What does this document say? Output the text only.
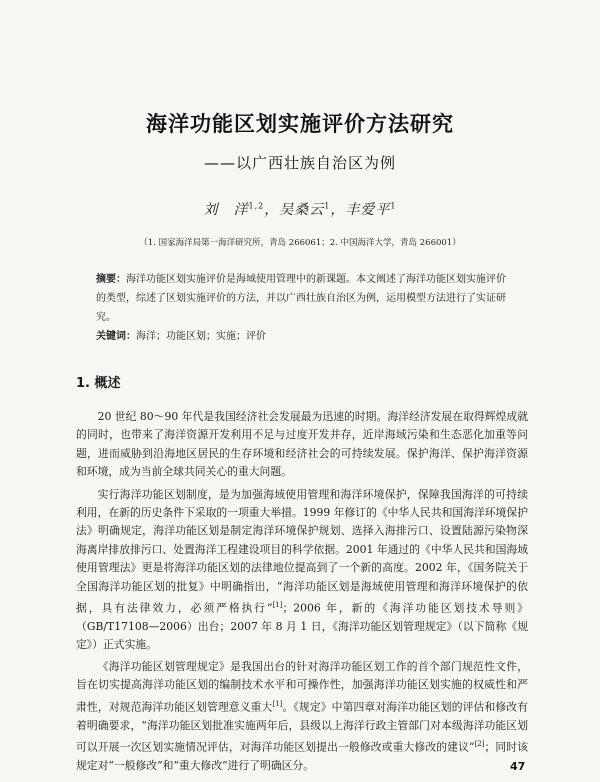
海洋功能区划实施评价方法研究
——以广西壮族自治区为例
刘　洋$^{1,2}$，吴桑云$^1$，丰爱平$^1$
（1. 国家海洋局第一海洋研究所，青岛 266061；2. 中国海洋大学，青岛 266001）

摘要：海洋功能区划实施评价是海域使用管理中的新课题。本文阐述了海洋功能区划实施评价的类型，综述了区划实施评价的方法，并以广西壮族自治区为例，运用模型方法进行了实证研究。

关键词：海洋；功能区划；实施；评价

1. 概述

20 世纪 80～90 年代是我国经济社会发展最为迅速的时期。海洋经济发展在取得辉煌成就的同时，也带来了海洋资源开发利用不足与过度开发并存，近岸海域污染和生态恶化加重等问题，进而威胁到沿海地区居民的生存环境和经济社会的可持续发展。保护海洋、保护海洋资源和环境，成为当前全球共同关心的重大问题。

实行海洋功能区划制度，是为加强海域使用管理和海洋环境保护，保障我国海洋的可持续利用，在新的历史条件下采取的一项重大举措。1999 年修订的《中华人民共和国海洋环境保护法》明确规定，海洋功能区划是制定海洋环境保护规划、选择入海排污口、设置陆源污染物深海离岸排放排污口、处置海洋工程建设项目的科学依据。2001 年通过的《中华人民共和国海域使用管理法》更是将海洋功能区划的法律地位提高到了一个新的高度。2002 年，《国务院关于全国海洋功能区划的批复》中明确指出，“海洋功能区划是海域使用管理和海洋环境保护的依据，具有法律效力，必须严格执行”[1]；2006 年，新的《海洋功能区划技术导则》（GB/T17108—2006）出台；2007 年 8 月 1 日，《海洋功能区划管理规定》（以下简称《规定》）正式实施。

《海洋功能区划管理规定》是我国出台的针对海洋功能区划工作的首个部门规范性文件，旨在切实提高海洋功能区划的编制技术水平和可操作性，加强海洋功能区划实施的权威性和严肃性，对规范海洋功能区划管理意义重大[1]。《规定》中第四章对海洋功能区划的评估和修改有着明确要求，“海洋功能区划批准实施两年后，县级以上海洋行政主管部门对本级海洋功能区划可以开展一次区划实施情况评估，对海洋功能区划提出一般修改或重大修改的建议”[2]；同时该规定对“一般修改”和“重大修改”进行了明确区分。	47
